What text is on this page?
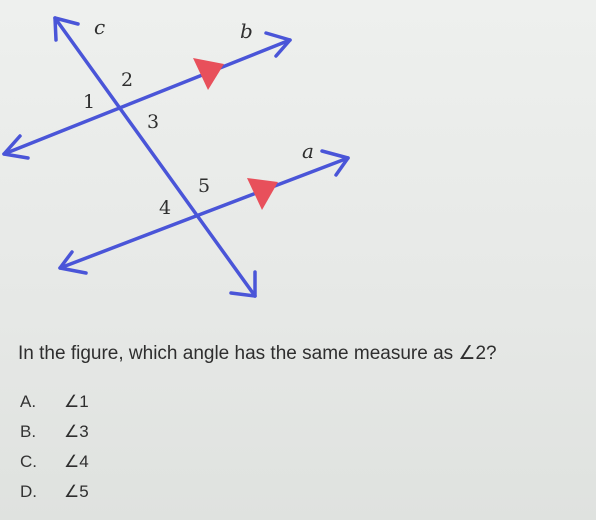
c	b
a
1
2
3
4
5
In the figure, which angle has the same measure as ∠2?
A. ∠1
B. ∠3
C. ∠4
D. ∠5
